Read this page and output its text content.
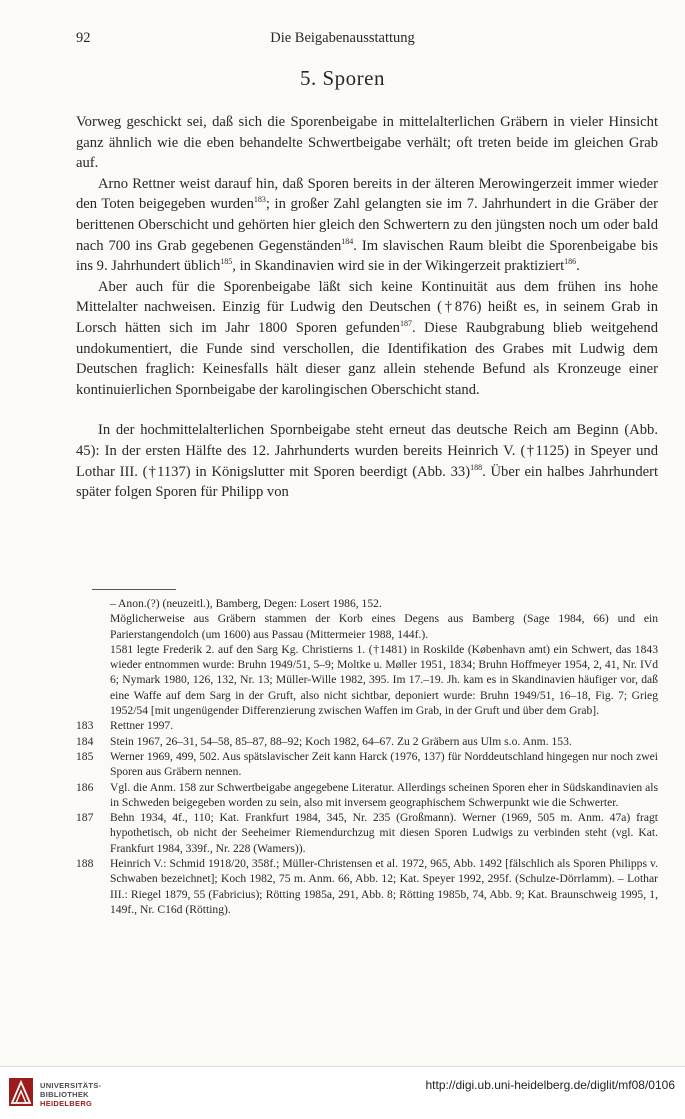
92	Die Beigabenausstattung
5. Sporen

Vorweg geschickt sei, daß sich die Sporenbeigabe in mittelalterlichen Gräbern in vieler Hinsicht ganz ähnlich wie die eben behandelte Schwertbeigabe verhält; oft treten beide im gleichen Grab auf.

Arno Rettner weist darauf hin, daß Sporen bereits in der älteren Merowingerzeit immer wieder den Toten beigegeben wurden$^{183}$; in großer Zahl gelangten sie im 7. Jahrhundert in die Gräber der berittenen Oberschicht und gehörten hier gleich den Schwertern zu den jüngsten noch um oder bald nach 700 ins Grab gegebenen Gegenständen$^{184}$. Im slavischen Raum bleibt die Sporenbeigabe bis ins 9. Jahrhundert üblich$^{185}$, in Skandinavien wird sie in der Wikingerzeit praktiziert$^{186}$.

Aber auch für die Sporenbeigabe läßt sich keine Kontinuität aus dem frühen ins hohe Mittelalter nachweisen. Einzig für Ludwig den Deutschen (†876) heißt es, in seinem Grab in Lorsch hätten sich im Jahr 1800 Sporen gefunden$^{187}$. Diese Raubgrabung blieb weitgehend undokumentiert, die Funde sind verschollen, die Identifikation des Grabes mit Ludwig dem Deutschen fraglich: Keinesfalls hält dieser ganz allein stehende Befund als Kronzeuge einer kontinuierlichen Spornbeigabe der karolingischen Oberschicht stand.

In der hochmittelalterlichen Spornbeigabe steht erneut das deutsche Reich am Beginn (Abb. 45): In der ersten Hälfte des 12. Jahrhunderts wurden bereits Heinrich V. (†1125) in Speyer und Lothar III. (†1137) in Königslutter mit Sporen beerdigt (Abb. 33)$^{188}$. Über ein halbes Jahrhundert später folgen Sporen für Philipp von

– Anon.(?) (neuzeitl.), Bamberg, Degen: Losert 1986, 152.
Möglicherweise aus Gräbern stammen der Korb eines Degens aus Bamberg (Sage 1984, 66) und ein Parierstangendolch (um 1600) aus Passau (Mittermeier 1988, 144f.).
1581 legte Frederik 2. auf den Sarg Kg. Christierns 1. (†1481) in Roskilde (København amt) ein Schwert, das 1843 wieder entnommen wurde: Bruhn 1949/51, 5–9; Moltke u. Møller 1951, 1834; Bruhn Hoffmeyer 1954, 2, 41, Nr. IVd 6; Nymark 1980, 126, 132, Nr. 13; Müller-Wille 1982, 395. Im 17.–19. Jh. kam es in Skandinavien häufiger vor, daß eine Waffe auf dem Sarg in der Gruft, also nicht sichtbar, deponiert wurde: Bruhn 1949/51, 16–18, Fig. 7; Grieg 1952/54 [mit ungenügender Differenzierung zwischen Waffen im Grab, in der Gruft und über dem Grab].
183 Rettner 1997.
184 Stein 1967, 26–31, 54–58, 85–87, 88–92; Koch 1982, 64–67. Zu 2 Gräbern aus Ulm s.o. Anm. 153.
185 Werner 1969, 499, 502. Aus spätslavischer Zeit kann Harck (1976, 137) für Norddeutschland hingegen nur noch zwei Sporen aus Gräbern nennen.
186 Vgl. die Anm. 158 zur Schwertbeigabe angegebene Literatur. Allerdings scheinen Sporen eher in Südskandinavien als in Schweden beigegeben worden zu sein, also mit inversem geographischem Schwerpunkt wie die Schwerter.
187 Behn 1934, 4f., 110; Kat. Frankfurt 1984, 345, Nr. 235 (Großmann). Werner (1969, 505 m. Anm. 47a) fragt hypothetisch, ob nicht der Seeheimer Riemendurchzug mit diesen Sporen Ludwigs zu verbinden steht (vgl. Kat. Frankfurt 1984, 339f., Nr. 228 (Wamers)).
188 Heinrich V.: Schmid 1918/20, 358f.; Müller-Christensen et al. 1972, 965, Abb. 1492 [fälschlich als Sporen Philipps v. Schwaben bezeichnet]; Koch 1982, 75 m. Anm. 66, Abb. 12; Kat. Speyer 1992, 295f. (Schulze-Dörrlamm). – Lothar III.: Riegel 1879, 55 (Fabricius); Rötting 1985a, 291, Abb. 8; Rötting 1985b, 74, Abb. 9; Kat. Braunschweig 1995, 1, 149f., Nr. C16d (Rötting).
UNIVERSITÄTS-
BIBLIOTHEK
HEIDELBERG
http://digi.ub.uni-heidelberg.de/diglit/mf08/0106
